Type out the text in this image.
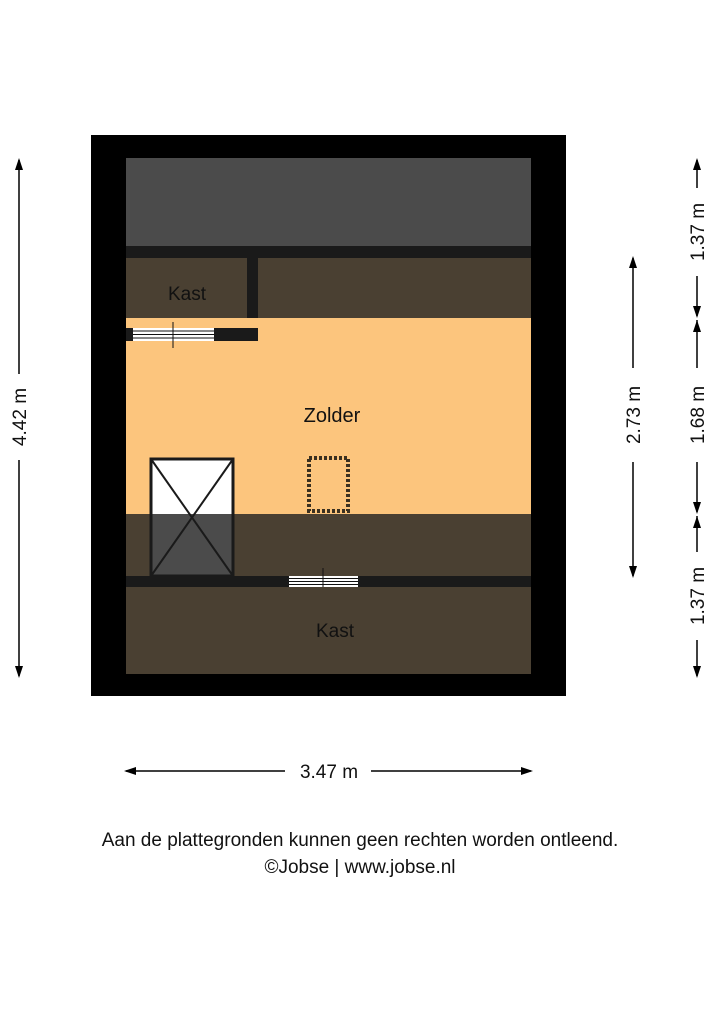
Kast
Zolder
Kast
4.42 m	2.73 m
1.37 m
1.68 m
1.37 m
3.47 m
Aan de plattegronden kunnen geen rechten worden ontleend.
©Jobse | www.jobse.nl
